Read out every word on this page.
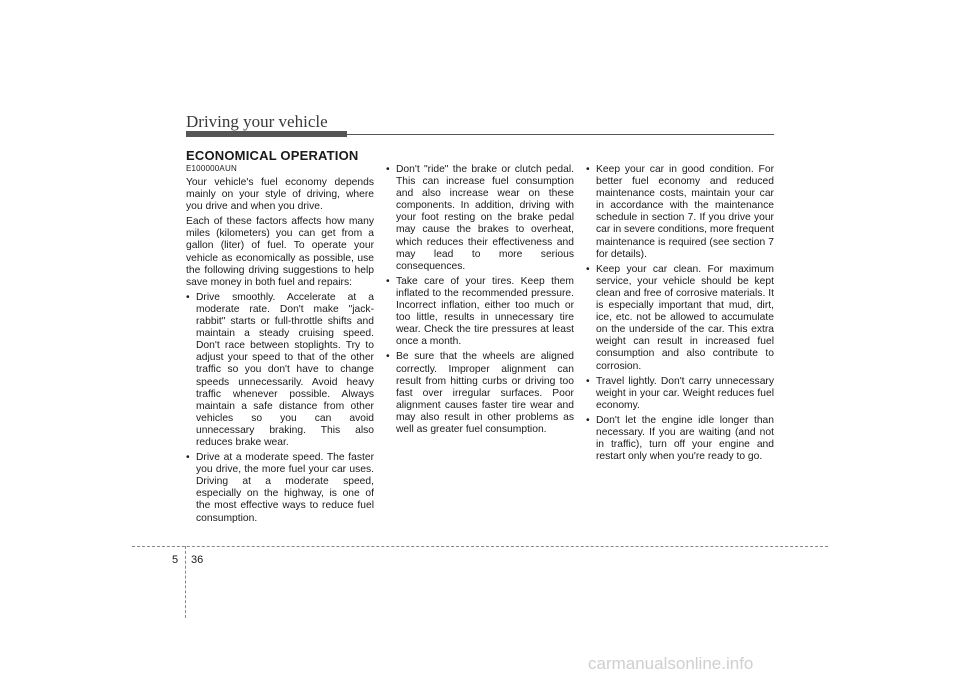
Driving your vehicle
ECONOMICAL OPERATION
E100000AUN

Your vehicle's fuel economy depends mainly on your style of driving, where you drive and when you drive.

Each of these factors affects how many miles (kilometers) you can get from a gallon (liter) of fuel. To operate your vehicle as economically as possible, use the following driving suggestions to help save money in both fuel and repairs:

• Drive smoothly. Accelerate at a moderate rate. Don't make "jack-rabbit" starts or full-throttle shifts and maintain a steady cruising speed. Don't race between stoplights. Try to adjust your speed to that of the other traffic so you don't have to change speeds unnecessarily. Avoid heavy traffic whenever possible. Always maintain a safe distance from other vehicles so you can avoid unnecessary braking. This also reduces brake wear.
• Drive at a moderate speed. The faster you drive, the more fuel your car uses. Driving at a moderate speed, especially on the highway, is one of the most effective ways to reduce fuel consumption.
• Don't "ride" the brake or clutch pedal. This can increase fuel consumption and also increase wear on these components. In addition, driving with your foot resting on the brake pedal may cause the brakes to overheat, which reduces their effectiveness and may lead to more serious consequences.
• Take care of your tires. Keep them inflated to the recommended pressure. Incorrect inflation, either too much or too little, results in unnecessary tire wear. Check the tire pressures at least once a month.
• Be sure that the wheels are aligned correctly. Improper alignment can result from hitting curbs or driving too fast over irregular surfaces. Poor alignment causes faster tire wear and may also result in other problems as well as greater fuel consumption.
• Keep your car in good condition. For better fuel economy and reduced maintenance costs, maintain your car in accordance with the maintenance schedule in section 7. If you drive your car in severe conditions, more frequent maintenance is required (see section 7 for details).
• Keep your car clean. For maximum service, your vehicle should be kept clean and free of corrosive materials. It is especially important that mud, dirt, ice, etc. not be allowed to accumulate on the underside of the car. This extra weight can result in increased fuel consumption and also contribute to corrosion.
• Travel lightly. Don't carry unnecessary weight in your car. Weight reduces fuel economy.
• Don't let the engine idle longer than necessary. If you are waiting (and not in traffic), turn off your engine and restart only when you're ready to go.
5 36
carmanualsonline.info
